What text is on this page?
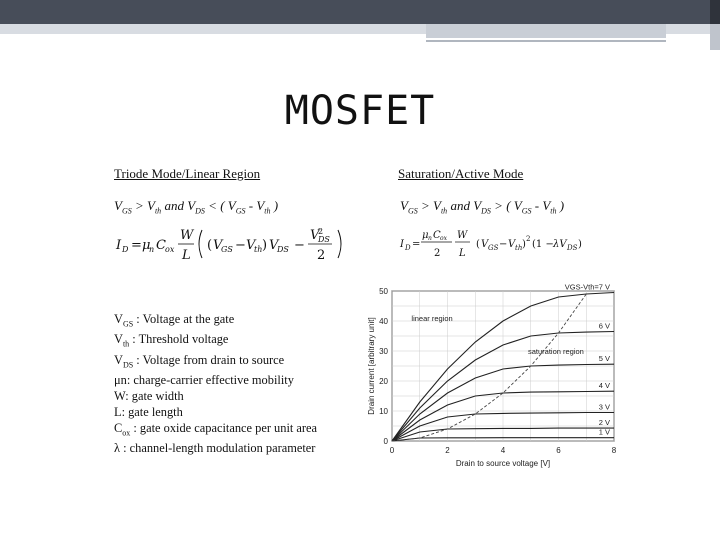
MOSFET
Triode Mode/Linear Region	Saturation/Active Mode
$V_{GS} > V_{th}$ and $V_{DS}$ < ( $V_{GS} - V_{th}$ )	$V_{GS} > V_{th}$ and $V_{DS}$ > ( $V_{GS} - V_{th}$ )
I D = μ
n C ox
W
L
( V
GS − V
th ) V
DS −
V
2
DS
2
I D =
μ n C ox
2
W
L
( V GS − V th ) 2 (1 − λV DS )
$V_{GS}$ : Voltage at the gate
$V_{th}$ : Threshold voltage
$V_{DS}$ : Voltage from drain to source
μn: charge-carrier effective mobility
W: gate width
L: gate length
$C_{ox}$ : gate oxide capacitance per unit area
λ : channel-length modulation parameter	0	2	4	6	8
0
10
20
30
40
50	VGS-Vth=7 V
6 V
5 V
4 V
3 V
2 V
1 V
linear region
saturation region
Drain to source voltage [V]
Drain current [arbitrary unit]
